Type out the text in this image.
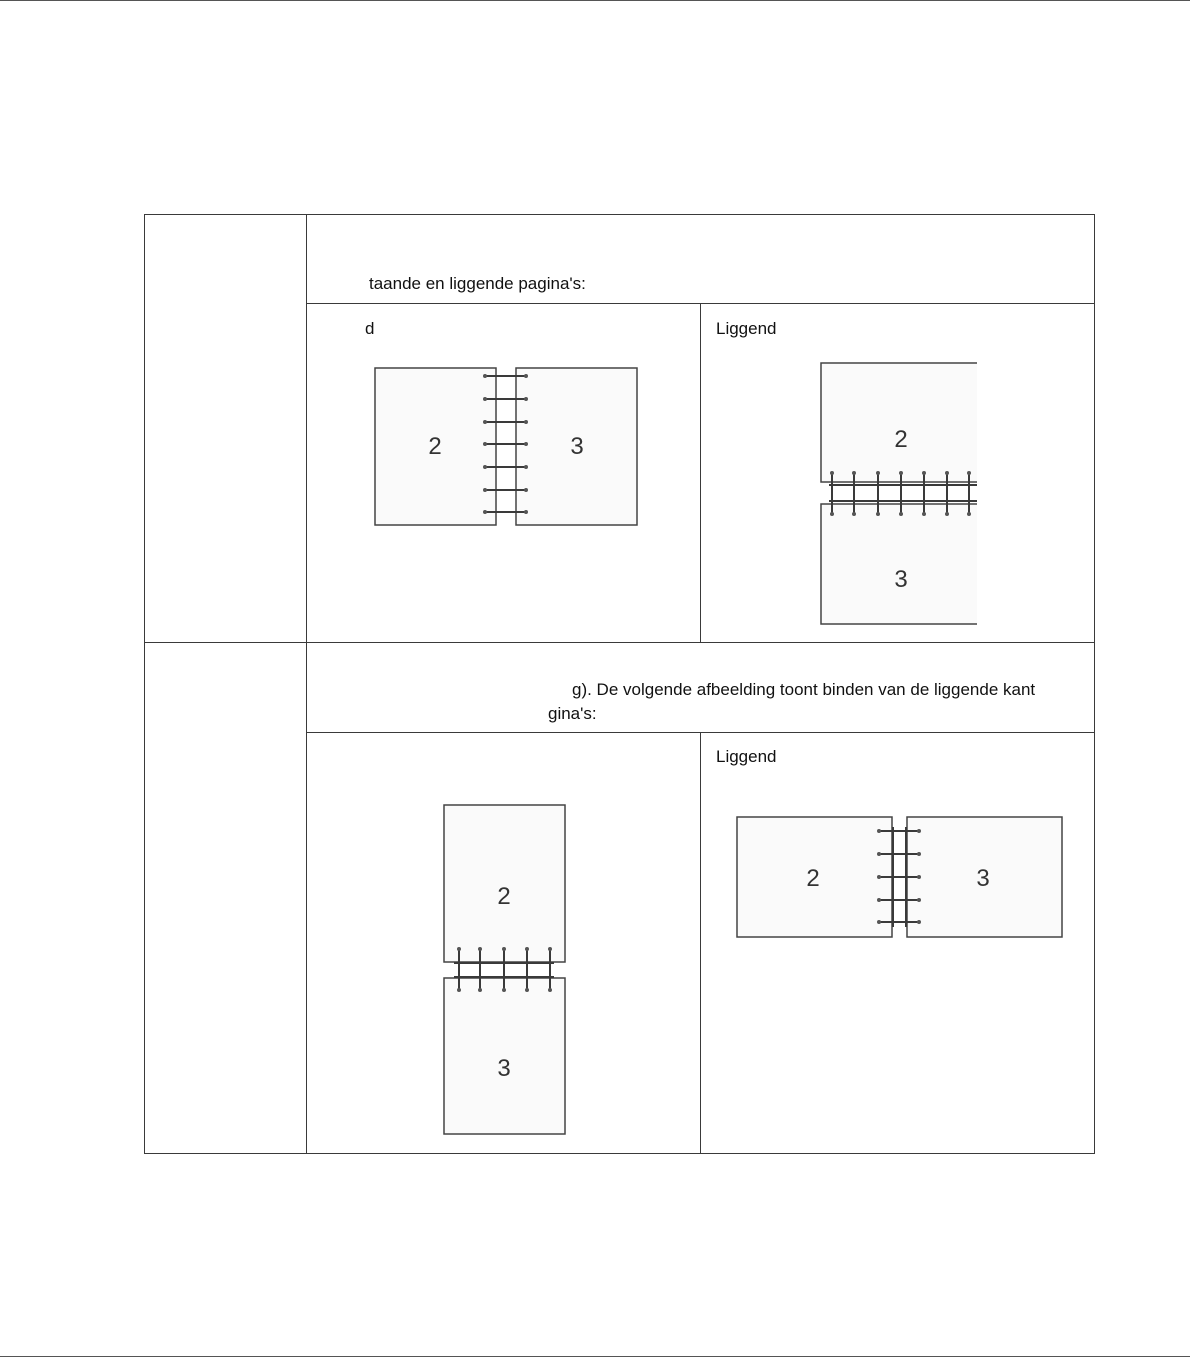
taande en liggende pagina's:
d	Liggend
g). De volgende afbeelding toont binden van de liggende kant
gina's:
Liggend
2	3	2
3
2
3
2	3
